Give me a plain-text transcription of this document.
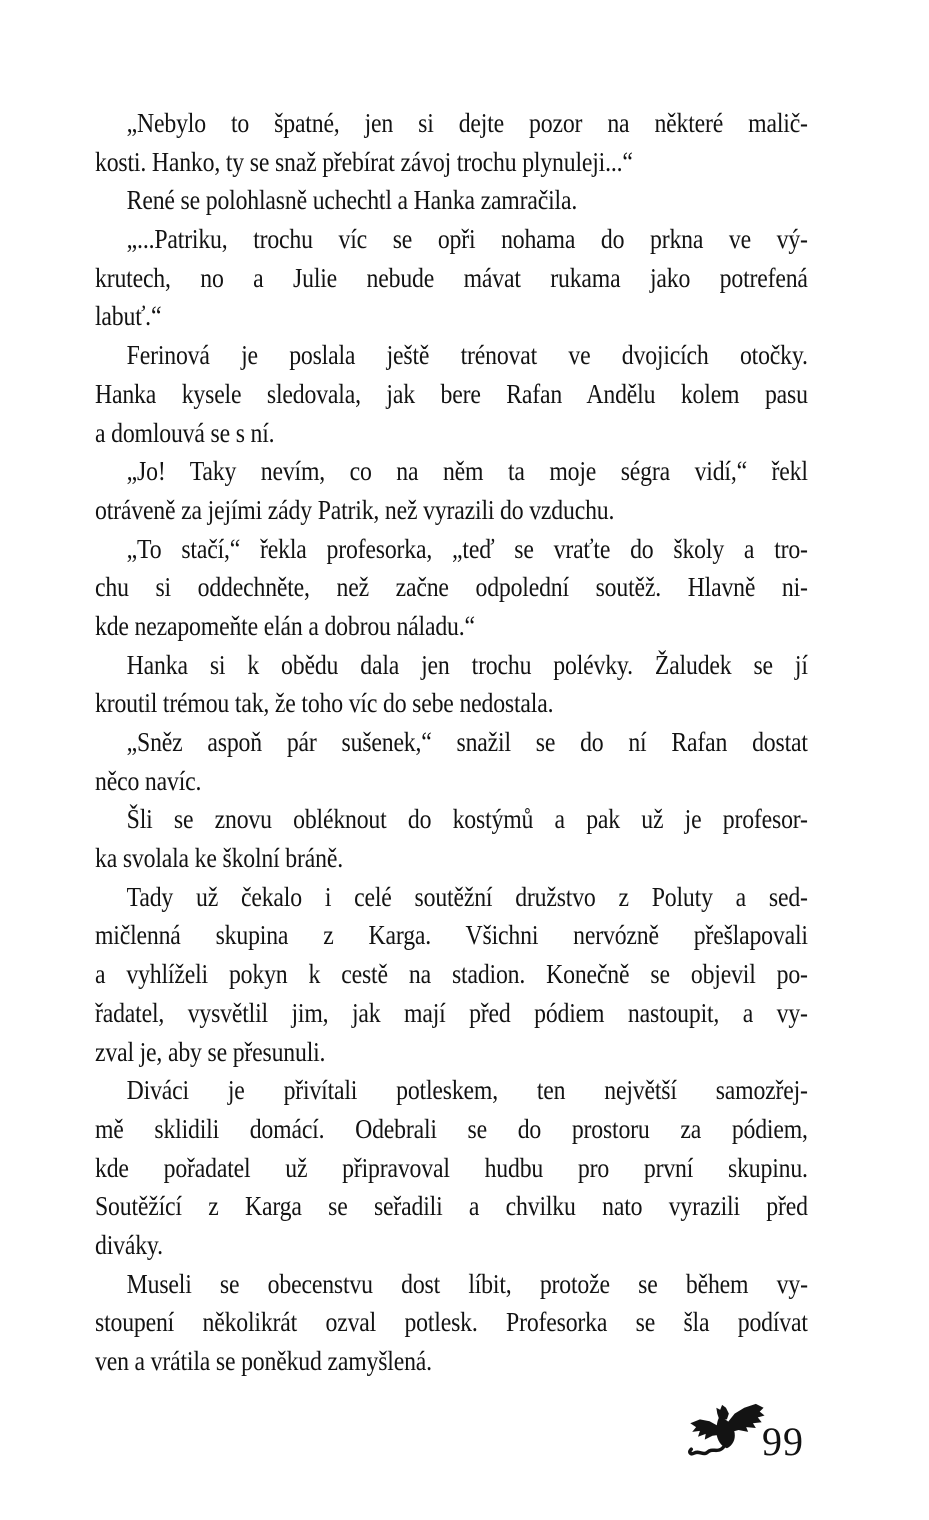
„Nebylo to špatné, jen si dejte pozor na některé malič-
kosti. Hanko, ty se snaž přebírat závoj trochu plynuleji...“
René se polohlasně uchechtl a Hanka zamračila.
„...Patriku, trochu víc se opři nohama do prkna ve vý-
krutech, no a Julie nebude mávat rukama jako potrefená
labuť.“
Ferinová je poslala ještě trénovat ve dvojicích otočky.
Hanka kysele sledovala, jak bere Rafan Andělu kolem pasu
a domlouvá se s ní.
„Jo! Taky nevím, co na něm ta moje ségra vidí,“ řekl
otráveně za jejími zády Patrik, než vyrazili do vzduchu.
„To stačí,“ řekla profesorka, „teď se vraťte do školy a tro-
chu si oddechněte, než začne odpolední soutěž. Hlavně ni-
kde nezapomeňte elán a dobrou náladu.“
Hanka si k obědu dala jen trochu polévky. Žaludek se jí
kroutil trémou tak, že toho víc do sebe nedostala.
„Sněz aspoň pár sušenek,“ snažil se do ní Rafan dostat
něco navíc.
Šli se znovu obléknout do kostýmů a pak už je profesor-
ka svolala ke školní bráně.
Tady už čekalo i celé soutěžní družstvo z Poluty a sed-
mičlenná skupina z Karga. Všichni nervózně přešlapovali
a vyhlíželi pokyn k cestě na stadion. Konečně se objevil po-
řadatel, vysvětlil jim, jak mají před pódiem nastoupit, a vy-
zval je, aby se přesunuli.
Diváci je přivítali potleskem, ten největší samozřej-
mě sklidili domácí. Odebrali se do prostoru za pódiem,
kde pořadatel už připravoval hudbu pro první skupinu.
Soutěžící z Karga se seřadili a chvilku nato vyrazili před
diváky.
Museli se obecenstvu dost líbit, protože se během vy-
stoupení několikrát ozval potlesk. Profesorka se šla podívat
ven a vrátila se poněkud zamyšlená.
99
